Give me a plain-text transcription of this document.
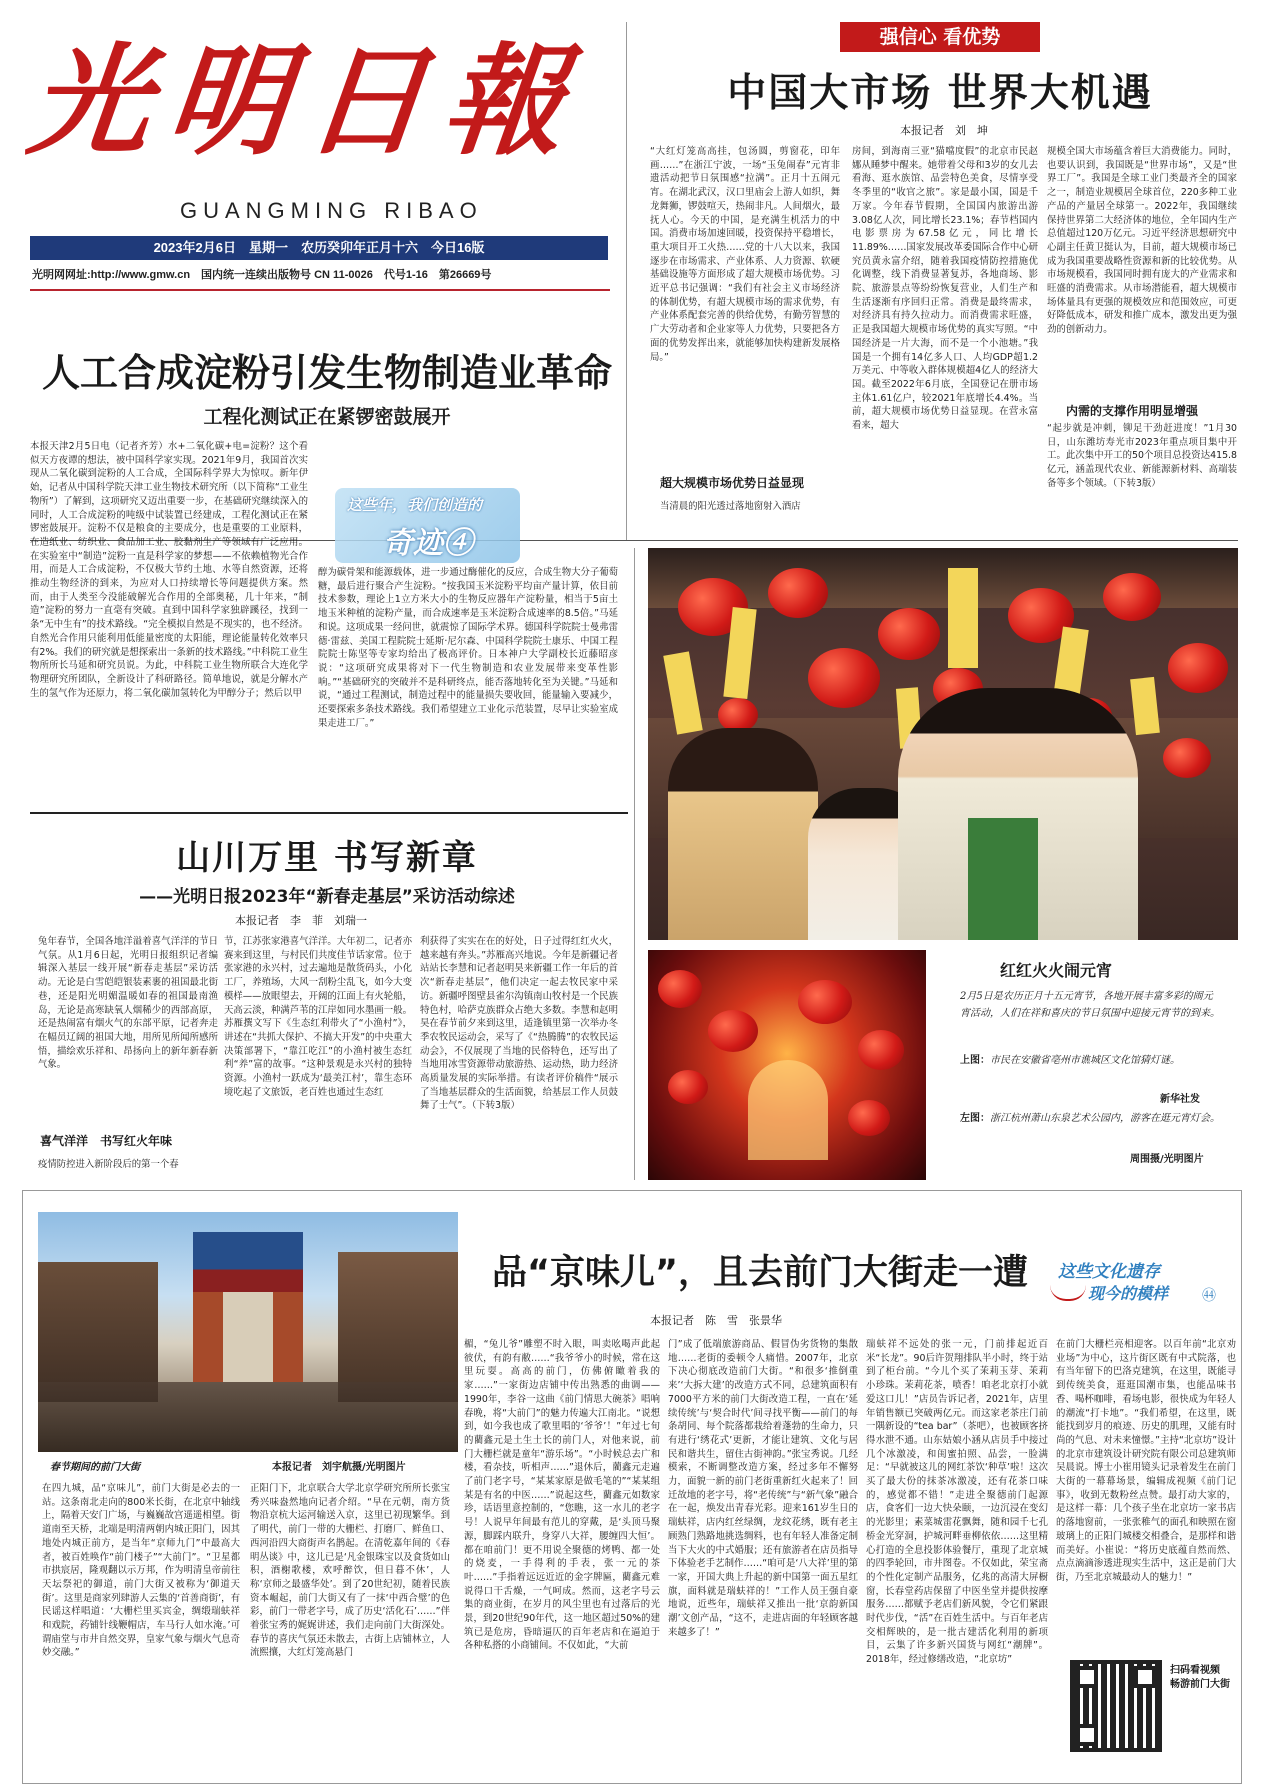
光明日報
GUANGMING RIBAO
2023年2月6日　星期一　农历癸卯年正月十六　今日16版
光明网网址:http://www.gmw.cn　国内统一连续出版物号 CN 11-0026　代号1-16　第26669号
强信心 看优势
中国大市场 世界大机遇
本报记者　刘　坤
“大红灯笼高高挂，包汤圆，剪窗花，印年画……”在浙江宁波，一场“玉兔闹春”元宵非遗活动把节日氛围感“拉满”。正月十五闹元宵。在湖北武汉，汉口里庙会上游人如织，舞龙舞狮，锣鼓喧天，热闹非凡。人间烟火，最抚人心。今天的中国，是充满生机活力的中国。消费市场加速回暖，投资保持平稳增长，重大项目开工火热……党的十八大以来，我国逐步在市场需求、产业体系、人力资源、软硬基础设施等方面形成了超大规模市场优势。习近平总书记强调：“我们有社会主义市场经济的体制优势，有超大规模市场的需求优势，有产业体系配套完善的供给优势，有勤劳智慧的广大劳动者和企业家等人力优势，只要把各方面的优势发挥出来，就能够加快构建新发展格局。”
超大规模市场优势日益显现
当清晨的阳光透过落地窗射入酒店
房间，到海南三亚“猫噹度假”的北京市民赵娜从睡梦中醒来。她带着父母和3岁的女儿去看海、逛水族馆、品尝特色美食，尽情享受冬季里的“收官之旅”。家是最小国，国是千万家。今年春节假期，全国国内旅游出游3.08亿人次，同比增长23.1%；春节档国内电影票房为67.58亿元，同比增长11.89%……国家发展改革委国际合作中心研究员黄永富介绍，随着我国疫情防控措施优化调整，线下消费显著复苏，各地商场、影院、旅游景点等纷纷恢复营业，人们生产和生活逐渐有序回归正常。消费是最终需求，对经济具有持久拉动力。而消费需求旺盛，正是我国超大规模市场优势的真实写照。“中国经济是一片大海，而不是一个小池塘。”我国是一个拥有14亿多人口、人均GDP超1.2万美元、中等收入群体规模超4亿人的经济大国。截至2022年6月底，全国登记在册市场主体1.61亿户，较2021年底增长4.4%。当前，超大规模市场优势日益显现。在营永富看来，超大
规模全国大市场蕴含着巨大消费能力。同时，也要认识到，我国既是“世界市场”，又是“世界工厂”。我国是全球工业门类最齐全的国家之一，制造业规模居全球首位，220多种工业产品的产量居全球第一。2022年，我国继续保持世界第二大经济体的地位，全年国内生产总值超过120万亿元。习近平经济思想研究中心副主任黄卫挺认为，目前，超大规模市场已成为我国重要战略性资源和新的比较优势。从市场规模看，我国同时拥有庞大的产业需求和旺盛的消费需求。从市场潜能看，超大规模市场体量具有更强的规模效应和范围效应，可更好降低成本，研发和推广成本，激发出更为强劲的创新动力。
内需的支撑作用明显增强
“起步就是冲刺，铆足干劲赶进度！”1月30日，山东潍坊寿光市2023年重点项目集中开工。此次集中开工的50个项目总投资达415.8亿元，涵盖现代农业、新能源新材料、高端装备等多个领域。（下转3版）
人工合成淀粉引发生物制造业革命
工程化测试正在紧锣密鼓展开
本报天津2月5日电（记者齐芳）水+二氧化碳+电=淀粉？这个看似天方夜谭的想法，被中国科学家实现。2021年9月，我国首次实现从二氧化碳到淀粉的人工合成，全国际科学界大为惊叹。新年伊始，记者从中国科学院天津工业生物技术研究所（以下简称“工业生物所”）了解到，这项研究又迈出重要一步，在基础研究继续深入的同时，人工合成淀粉的吨级中试装置已经建成，工程化测试正在紧锣密鼓展开。淀粉不仅是粮食的主要成分，也是重要的工业原料，在造纸业、纺织业、食品加工业、胶黏剂生产等领域有广泛应用。在实验室中“制造”淀粉一直是科学家的梦想——不依赖植物光合作用，而是人工合成淀粉，不仅极大节约土地、水等自然资源，还将推动生物经济的到来，为应对人口持续增长等问题提供方案。然而，由于人类至今没能破解光合作用的全部奥秘，几十年来，“制造”淀粉的努力一直毫有突破。直到中国科学家独辟蹊径，找到一条“无中生有”的技术路线。“完全模拟自然是不现实的，也不经济。自然光合作用只能利用低能量密度的太阳能，理论能量转化效率只有2%。我们的研究就是想探索出一条新的技术路线。”中科院工业生物所所长马延和研究员说。为此，中科院工业生物所联合大连化学物理研究所团队，全新设计了科研路径。简单地说，就是分解水产生的氢气作为还原力，将二氧化碳加氢转化为甲醇分子；然后以甲
这些年，我们创造的
奇迹④
醇为碳骨架和能源载体，进一步通过酶催化的反应，合成生物大分子葡萄糖，最后进行聚合产生淀粉。“按我国玉米淀粉平均亩产量计算，依目前技术参数，理论上1立方米大小的生物反应器年产淀粉量，相当于5亩土地玉米种植的淀粉产量，而合成速率是玉米淀粉合成速率的8.5倍。”马延和说。这项成果一经问世，就震惊了国际学术界。德国科学院院士曼弗雷德·雷兹、美国工程院院士延斯·尼尔森、中国科学院院士康乐、中国工程院院士陈坚等专家均给出了极高评价。日本神户大学副校长近藤昭彦说：“这项研究成果将对下一代生物制造和农业发展带来变革性影响。”“基础研究的突破并不是科研终点，能否落地转化至为关键。”马延和说，“通过工程测试，制造过程中的能量损失要收回，能量输入要减少，还要探索多条技术路线。我们希望建立工业化示范装置，尽早让实验室成果走进工厂。”
山川万里 书写新章
——光明日报2023年“新春走基层”采访活动综述
本报记者　李　菲　刘瑞一
兔年春节，全国各地洋溢着喜气洋洋的节日气氛。从1月6日起，光明日报组织记者编辑深入基层一线开展“新春走基层”采访活动。无论是白雪皑皑银装素裹的祖国最北街巷，还是阳光明媚温暖如春的祖国最南渔岛，无论是高寒缺氧人烟稀少的西部高原，还是热闹富有烟火气的东部平原，记者奔走在幅员辽阔的祖国大地，用所见所闻所感所悟，描绘欢乐祥和、昂扬向上的新年新春新气象。
喜气洋洋　书写红火年味
疫情防控进入新阶段后的第一个春
节，江苏张家港喜气洋洋。大年初二，记者亦赛来到这里，与村民们共度佳节话家常。位于张家港的永兴村，过去遍地是散货码头，小化工厂，养殖场，大风一刮粉尘乱飞，如今大变模样——放眼望去，开阔的江面上有火轮船，天高云淡，种满芦苇的江岸如同水墨画一般。苏雁撰文写下《生态红利带火了“小渔村”》，讲述在“共抓大保护、不搞大开发”的中央重大决策部署下，“靠江吃江”的小渔村被生态红利“养”富的故事。“这种景观是永兴村的独特资源。小渔村一跃成为‘最美江村’，靠生态环境吃起了文旅饭，老百姓也通过生态红
利获得了实实在在的好处，日子过得红红火火，越来越有奔头。”苏雁高兴地说。今年是新疆记者站站长李慧和记者赵明昊来新疆工作一年后的首次“新春走基层”，他们决定一起去牧民家中采访。新疆呼图壁县雀尔沟镇南山牧村是一个民族特色村，哈萨克族群众占绝大多数。李慧和赵明昊在春节前夕来到这里，适逢镇里第一次举办冬季农牧民运动会，采写了《“热腾腾”的农牧民运动会》，不仅展现了当地的民俗特色，还写出了当地用冰雪资源带动旅游热、运动热，助力经济高质量发展的实际举措。有读者评价稿件“展示了当地基层群众的生活面貌，给基层工作人员鼓舞了士气”。（下转3版）
红红火火闹元宵
2月5日是农历正月十五元宵节，各地开展丰富多彩的闹元宵活动，人们在祥和喜庆的节日氛围中迎接元宵节的到来。
上图：市民在安徽省亳州市谯城区文化馆猜灯谜。
新华社发
左图：浙江杭州萧山东泉艺术公园内，游客在逛元宵灯会。
周围摄/光明图片
春节期间的前门大街	本报记者　刘宇航摄/光明图片
品“京味儿”，且去前门大街走一遭	这些文化遗存
现今的模样 ㊹
本报记者　陈　雪　张景华
在四九城，品“京味儿”，前门大街是必去的一站。这条南北走向的800米长街，在北京中轴线上，隔着天安门广场，与巍巍故宫遥遥相望。街道南至天桥，北端是明清两朝内城正阳门，因其地处内城正前方，是当年“京师九门”中最高大者，被百姓唤作“前门楼子”“大前门”。“卫星都市拱宸居，隆观翻以示万邦，作为明清皇帝前往天坛祭祀的御道，前门大街又被称为‘御道天街’。这里是商家列肆游人云集的‘首善商街’，有民谣这样唱道：‘大栅栏里买宾金，绸缎瑞蚨祥和戏院，药铺针线鞭帽店，车马行人如水淹。’可谓庙堂与市井自然交界，皇家气象与烟火气息奇妙交融。”
正阳门下，北京联合大学北京学研究所所长张宝秀兴味盎然地向记者介绍。“早在元朝，南方货物沿京杭大运河输送入京，这里已初现繁华。到了明代，前门一带的大栅栏、打磨厂、鲜鱼口、西河沿四大商街声名鹊起。在清乾嘉年间的《春明丛谈》中，这儿已是‘凡金银珠宝以及食货如山积，酒榭歌楼，欢呼醉饮，但日暮不休’，人称‘京师之最盛华处’。到了20世纪初，随着民族资本崛起，前门大街又有了一抹‘中西合璧’的色彩，前门一带老字号，成了历史‘活化石’……”伴着张宝秀的娓娓讲述，我们走向前门大街深处。春节的喜庆气氛还未散去，古街上店铺林立，人流熙攘，大红灯笼高悬门
楣，“兔儿爷”雕塑不时入眼，叫卖吆喝声此起彼伏，有韵有敝……“我爷爷小的时候，常在这里玩耍。高高的前门，仿佛俯瞰着我的家……”一家街边店铺中传出熟悉的曲调——1990年，李谷一这曲《前门情思大碗茶》唱响春晚，将“大前门”的魅力传遍大江南北。“说想到，如今我也成了歌里唱的‘爷爷’！”年过七旬的藺鑫元是土生土长的前门人，对他来说，前门大栅栏就是童年“游乐场”。“小时候总去广和楼，看杂技，听相声……”退休后，藺鑫元走遍了前门老字号，“某某家原是做毛笔的”“某某组某是有名的中医……”说起这些，藺鑫元如数家珍，话语里意控制的，“您瞧，这一水儿的老字号！人说早年间最有范儿的穿戴，是‘头顶马聚源，脚踩内联升，身穿八大祥，腰缠四大恒’。都在咱前门！更不用说全聚德的烤鸭、都一处的烧麦，一手得利的手表，张一元的茶叶……”手指着远远近近的金字牌匾，藺鑫元难说得口干舌燥，一气呵成。然而，这老字号云集的商业街，在岁月的风尘里也有过落后的光景，到20世纪90年代，这一地区超过50%的建筑已是危房，昏暗逼仄的百年老店和在逼迫于各种私搭的小商铺间。不仅如此，“大前
门”成了低端旅游商品、假冒伪劣货物的集散地……老街的委顿令人痛惜。2007年，北京下决心彻底改造前门大街。“和很多‘推倒重来’‘大拆大建’的改造方式不同，总建筑面积有7000平方米的前门大街改造工程，一直在‘延续传统’与‘契合时代’间寻找平衡——前门的每条胡同、每个院落都栽给着蓬勃的生命力，只有进行‘绣花式’更新，才能让建筑、文化与居民和谐共生，留住古街神韵。”张宝秀说。几经模索，不断调整改造方案，经过多年不懈努力，面貌一新的前门老街重新红火起来了！回迁故地的老字号，将“老传统”与“新气象”融合在一起，焕发出青春光彩。迎来161岁生日的瑞蚨祥，店内红丝绿绸，龙纹花绣，既有老主顾熟门熟路地挑选绸料，也有年轻人准备定制当下大火的中式婚服；还有旅游者在店员指导下体验老手艺制作……“咱可是‘八大祥’里的第一家，开国大典上升起的新中国第一面五星红旗，面料就是瑞蚨祥的！”工作人员王强自豪地说，近些年，瑞蚨祥又推出一批‘京韵新国潮’文创产品，“这不，走进店面的年轻顾客越来越多了！”
瑞蚨祥不远处的张一元，门前排起近百米“长龙”。90后许贺翔排队半小时，终于站到了柜台前。“今儿个买了茉莉玉芽、茉莉小珍珠。茉莉花茶，喷香！咱老北京打小就爱这口儿！”店员告诉记者，2021年，店里年销售额已突破两亿元。而这家老茶庄门前一隅新设的“tea bar”（茶吧），也被顾客挤得水泄不通。山东姑娘小涵从店员手中接过几个冰激凌，和闺蜜拍照、品尝，一脸满足：“早就被这儿的网红茶饮‘种草’啦！这次买了最大份的抹茶冰激凌，还有花茶口味的，感觉都不错！”走进全聚德前门起源店，食客们一边大快朵颐，一边沉浸在变幻的光影里；素菜城雷花飘舞，随和园千七孔桥金光穿洞，护城河畔垂柳依依……这里精心打造的全息投影体验餐厅，重现了北京城的四季轮回，市井图卷。不仅如此，荣宝斋的个性化定制产品服务，亿兆的高清大屏橱窗，长春堂药店保留了中医坐堂并提供按摩服务……都赋予老店们新风貌，令它们紧跟时代步伐，“活”在百姓生活中。与百年老店交相辉映的，是一批古建活化利用的新项目，云集了许多新兴国货与网红“潮牌”。2018年，经过修缮改造，“北京坊”
在前门大栅栏亮相迎客。以百年前“北京劝业场”为中心，这片街区既有中式院落，也有当年留下的巴洛克建筑，在这里，既能寻到传统美食，逛逛国潮市集，也能品味书香、喝杯咖啡，看场电影，很快成为年轻人的潮流“打卡地”。“我们希望，在这里，既能找到岁月的痕迹、历史的肌理，又能有时尚的气息、对未来憧憬。”主持“北京坊”设计的北京市建筑设计研究院有限公司总建筑师吴晨说。博士小崔用镜头记录着发生在前门大街的一幕幕场景，编辑成视频《前门记事》，收到无数粉丝点赞。最打动大家的，是这样一幕：几个孩子坐在北京坊一家书店的落地窗前，一张张稚气的面孔和映照在窗玻璃上的正阳门城楼交相叠合，是那样和谐而美好。小崔说：“将历史底蕴自然而然、点点滴滴渗透进现实生活中，这正是前门大街，乃至北京城最动人的魅力！”
扫码看视频
畅游前门大街
